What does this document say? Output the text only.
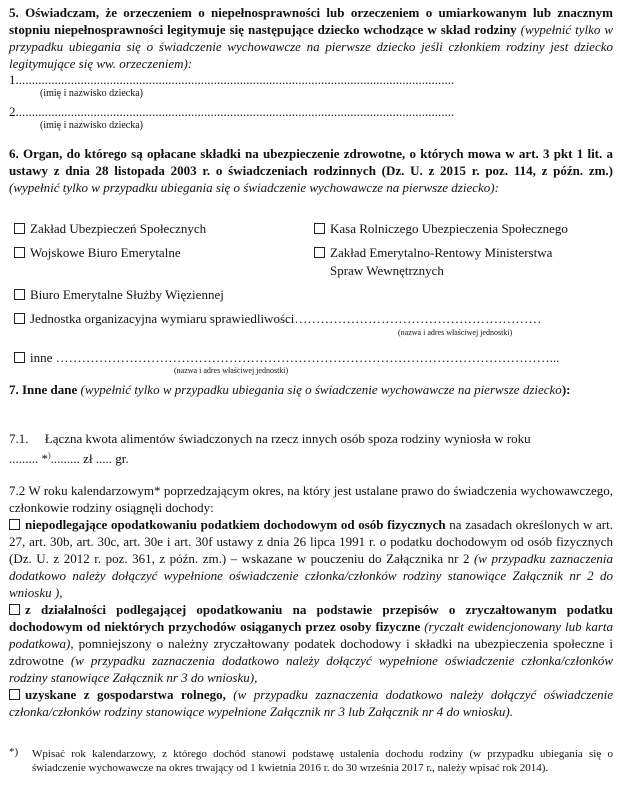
5. Oświadczam, że orzeczeniem o niepełnosprawności lub orzeczeniem o umiarkowanym lub znacznym stopniu niepełnosprawności legitymuje się następujące dziecko wchodzące w skład rodziny (wypełnić tylko w przypadku ubiegania się o świadczenie wychowawcze na pierwsze dziecko jeśli członkiem rodziny jest dziecko legitymujące się ww. orzeczeniem):
1.......................................................................................................................................
(imię i nazwisko dziecka)
2.......................................................................................................................................
(imię i nazwisko dziecka)
6. Organ, do którego są opłacane składki na ubezpieczenie zdrowotne, o których mowa w art. 3 pkt 1 lit. a ustawy z dnia 28 listopada 2003 r. o świadczeniach rodzinnych (Dz. U. z 2015 r. poz. 114, z późn. zm.) (wypełnić tylko w przypadku ubiegania się o świadczenie wychowawcze na pierwsze dziecko):
Zakład Ubezpieczeń Społecznych	Kasa Rolniczego Ubezpieczenia Społecznego
Wojskowe Biuro Emerytalne	Zakład Emerytalno-Rentowy Ministerstwa
Spraw Wewnętrznych
Biuro Emerytalne Służby Więziennej
Jednostka organizacyjna wymiaru sprawiedliwości…………………………………………………
(nazwa i adres właściwej jednostki)
inne ……………………………………………………………………………………………………...
(nazwa i adres właściwej jednostki)
7. Inne dane (wypełnić tylko w przypadku ubiegania się o świadczenie wychowawcze na pierwsze dziecko):
7.1. Łączna kwota alimentów świadczonych na rzecz innych osób spoza rodziny wyniosła w roku
......... *)......... zł ..... gr.
7.2 W roku kalendarzowym* poprzedzającym okres, na który jest ustalane prawo do świadczenia wychowawczego, członkowie rodziny osiągnęli dochody:
niepodlegające opodatkowaniu podatkiem dochodowym od osób fizycznych na zasadach określonych w art. 27, art. 30b, art. 30c, art. 30e i art. 30f ustawy z dnia 26 lipca 1991 r. o podatku dochodowym od osób fizycznych (Dz. U. z 2012 r. poz. 361, z późn. zm.) – wskazane w pouczeniu do Załącznika nr 2 (w przypadku zaznaczenia dodatkowo należy dołączyć wypełnione oświadczenie członka/członków rodziny stanowiące Załącznik nr 2 do wniosku ),
z działalności podlegającej opodatkowaniu na podstawie przepisów o zryczałtowanym podatku dochodowym od niektórych przychodów osiąganych przez osoby fizyczne (ryczałt ewidencjonowany lub karta podatkowa), pomniejszony o należny zryczałtowany podatek dochodowy i składki na ubezpieczenia społeczne i zdrowotne (w przypadku zaznaczenia dodatkowo należy dołączyć wypełnione oświadczenie członka/członków rodziny stanowiące Załącznik nr 3 do wniosku),
uzyskane z gospodarstwa rolnego, (w przypadku zaznaczenia dodatkowo należy dołączyć oświadczenie członka/członków rodziny stanowiące wypełnione Załącznik nr 3 lub Załącznik nr 4 do wniosku).
*)	Wpisać rok kalendarzowy, z którego dochód stanowi podstawę ustalenia dochodu rodziny (w przypadku ubiegania się o świadczenie wychowawcze na okres trwający od 1 kwietnia 2016 r. do 30 września 2017 r., należy wpisać rok 2014).
